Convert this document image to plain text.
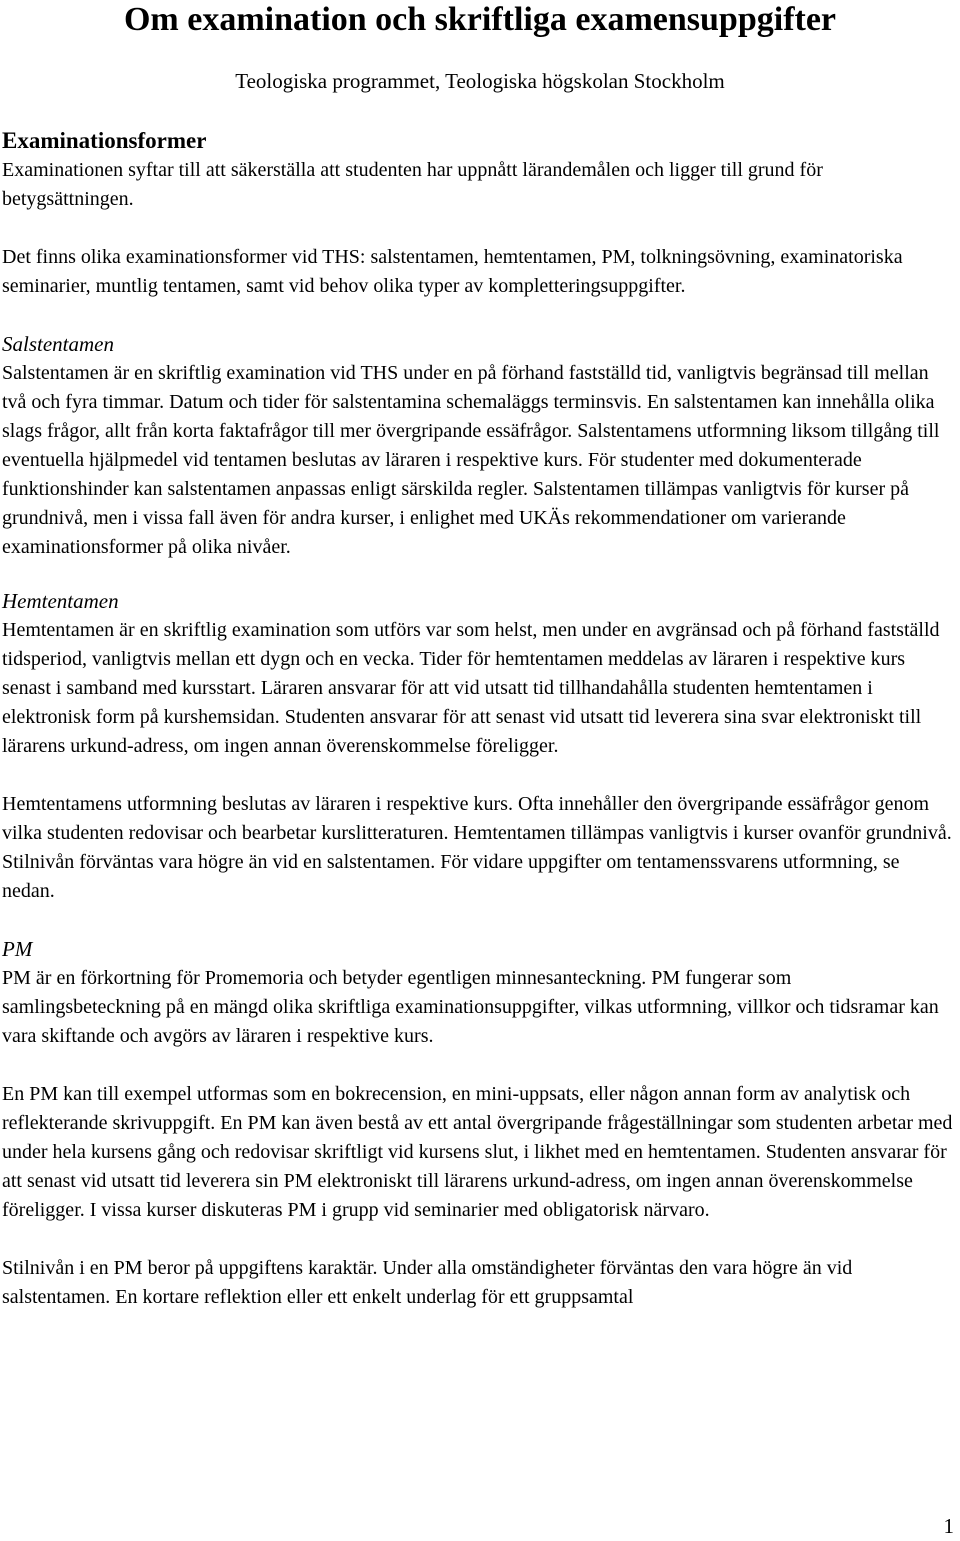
Om examination och skriftliga examensuppgifter

Teologiska programmet, Teologiska högskolan Stockholm

Examinationsformer

Examinationen syftar till att säkerställa att studenten har uppnått lärandemålen och ligger till grund för betygsättningen.

Det finns olika examinationsformer vid THS: salstentamen, hemtentamen, PM, tolkningsövning, examinatoriska seminarier, muntlig tentamen, samt vid behov olika typer av kompletteringsuppgifter.

Salstentamen

Salstentamen är en skriftlig examination vid THS under en på förhand fastställd tid, vanligtvis begränsad till mellan två och fyra timmar. Datum och tider för salstentamina schemaläggs terminsvis. En salstentamen kan innehålla olika slags frågor, allt från korta faktafrågor till mer övergripande essäfrågor. Salstentamens utformning liksom tillgång till eventuella hjälpmedel vid tentamen beslutas av läraren i respektive kurs. För studenter med dokumenterade funktionshinder kan salstentamen anpassas enligt särskilda regler. Salstentamen tillämpas vanligtvis för kurser på grundnivå, men i vissa fall även för andra kurser, i enlighet med UKÄs rekommendationer om varierande examinationsformer på olika nivåer.

Hemtentamen

Hemtentamen är en skriftlig examination som utförs var som helst, men under en avgränsad och på förhand fastställd tidsperiod, vanligtvis mellan ett dygn och en vecka. Tider för hemtentamen meddelas av läraren i respektive kurs senast i samband med kursstart. Läraren ansvarar för att vid utsatt tid tillhandahålla studenten hemtentamen i elektronisk form på kurshemsidan. Studenten ansvarar för att senast vid utsatt tid leverera sina svar elektroniskt till lärarens urkund-adress, om ingen annan överenskommelse föreligger.

Hemtentamens utformning beslutas av läraren i respektive kurs. Ofta innehåller den övergripande essäfrågor genom vilka studenten redovisar och bearbetar kurslitteraturen. Hemtentamen tillämpas vanligtvis i kurser ovanför grundnivå. Stilnivån förväntas vara högre än vid en salstentamen. För vidare uppgifter om tentamenssvarens utformning, se nedan.

PM

PM är en förkortning för Promemoria och betyder egentligen minnesanteckning. PM fungerar som samlingsbeteckning på en mängd olika skriftliga examinationsuppgifter, vilkas utformning, villkor och tidsramar kan vara skiftande och avgörs av läraren i respektive kurs.

En PM kan till exempel utformas som en bokrecension, en mini-uppsats, eller någon annan form av analytisk och reflekterande skrivuppgift. En PM kan även bestå av ett antal övergripande frågeställningar som studenten arbetar med under hela kursens gång och redovisar skriftligt vid kursens slut, i likhet med en hemtentamen. Studenten ansvarar för att senast vid utsatt tid leverera sin PM elektroniskt till lärarens urkund-adress, om ingen annan överenskommelse föreligger. I vissa kurser diskuteras PM i grupp vid seminarier med obligatorisk närvaro.

Stilnivån i en PM beror på uppgiftens karaktär. Under alla omständigheter förväntas den vara högre än vid salstentamen. En kortare reflektion eller ett enkelt underlag för ett gruppsamtal

1
